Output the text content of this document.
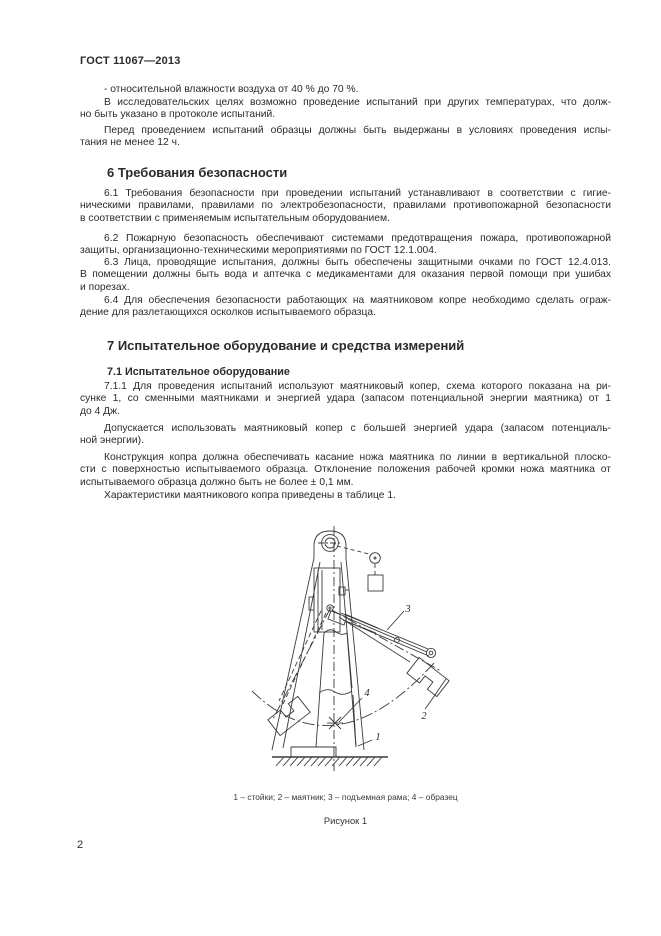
ГОСТ 11067—2013
- относительной влажности воздуха от 40 % до 70 %.
В исследовательских целях возможно проведение испытаний при других температурах, что долж-
но быть указано в протоколе испытаний.
Перед проведением испытаний образцы должны быть выдержаны в условиях проведения испы-
тания не менее 12 ч.
6 Требования безопасности
6.1 Требования безопасности при проведении испытаний устанавливают в соответствии с гигие-
ническими правилами, правилами по электробезопасности, правилами противопожарной безопасности
в соответствии с применяемым испытательным оборудованием.
6.2 Пожарную безопасность обеспечивают системами предотвращения пожара, противопожарной
защиты, организационно-техническими мероприятиями по ГОСТ 12.1.004.
6.3 Лица, проводящие испытания, должны быть обеспечены защитными очками по ГОСТ 12.4.013.
В помещении должны быть вода и аптечка с медикаментами для оказания первой помощи при ушибах
и порезах.
6.4 Для обеспечения безопасности работающих на маятниковом копре необходимо сделать ограж-
дение для разлетающихся осколков испытываемого образца.
7 Испытательное оборудование и средства измерений
7.1 Испытательное оборудование
7.1.1 Для проведения испытаний используют маятниковый копер, схема которого показана на ри-
сунке 1, со сменными маятниками и энергией удара (запасом потенциальной энергии маятника) от 1
до 4 Дж.
Допускается использовать маятниковый копер с большей энергией удара (запасом потенциаль-
ной энергии).
Конструкция копра должна обеспечивать касание ножа маятника по линии в вертикальной плоско-
сти с поверхностью испытываемого образца. Отклонение положения рабочей кромки ножа маятника от
испытываемого образца должно быть не более ± 0,1 мм.
Характеристики маятникового копра приведены в таблице 1.
3
2
4
1
1 – стойки; 2 – маятник; 3 – подъемная рама; 4 – образец
Рисунок 1
2
